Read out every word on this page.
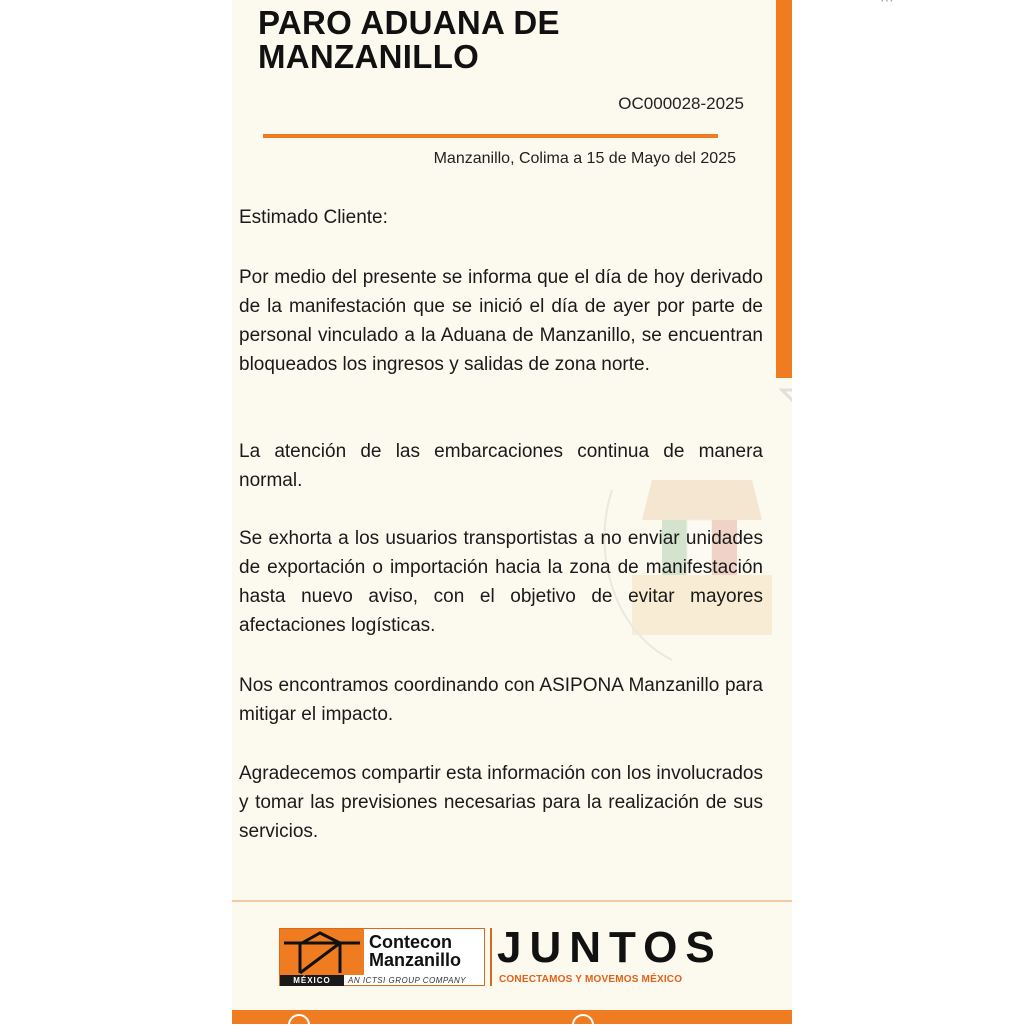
⋯
PARO ADUANA DE MANZANILLO
OC000028-2025
Manzanillo, Colima a 15 de Mayo del 2025
Estimado Cliente:

Por medio del presente se informa que el día de hoy derivado de la manifestación que se inició el día de ayer por parte de personal vinculado a la Aduana de Manzanillo, se encuentran bloqueados los ingresos y salidas de zona norte.

La atención de las embarcaciones continua de manera normal.

Se exhorta a los usuarios transportistas a no enviar unidades de exportación o importación hacia la zona de manifestación hasta nuevo aviso, con el objetivo de evitar mayores afectaciones logísticas.

Nos encontramos coordinando con ASIPONA Manzanillo para mitigar el impacto.

Agradecemos compartir esta información con los involucrados y tomar las previsiones necesarias para la realización de sus servicios.

MÉXICO
Contecon
Manzanillo
AN ICTSI GROUP COMPANY
JUNTOS
CONECTAMOS Y MOVEMOS MÉXICO
